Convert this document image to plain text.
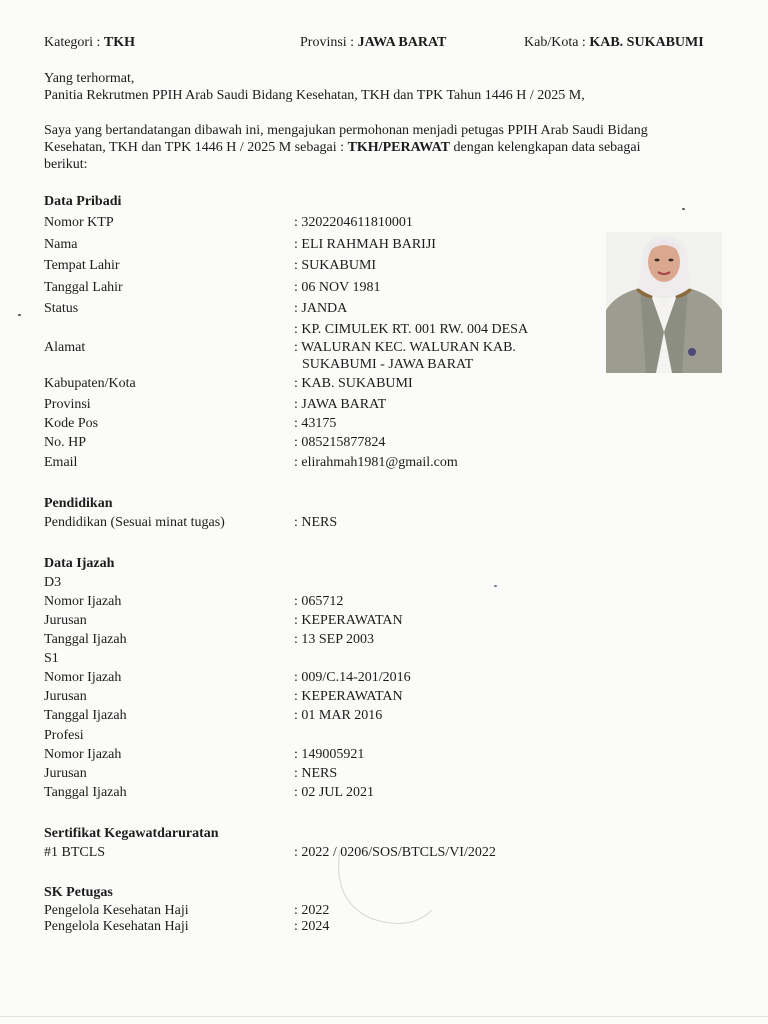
Kategori : TKH	Provinsi : JAWA BARAT	Kab/Kota : KAB. SUKABUMI
Yang terhormat,
Panitia Rekrutmen PPIH Arab Saudi Bidang Kesehatan, TKH dan TPK Tahun 1446 H / 2025 M,
Saya yang bertandatangan dibawah ini, mengajukan permohonan menjadi petugas PPIH Arab Saudi Bidang
Kesehatan, TKH dan TPK 1446 H / 2025 M sebagai : TKH/PERAWAT dengan kelengkapan data sebagai
berikut:
Data Pribadi
Nomor KTP	: 3202204611810001
Nama	: ELI RAHMAH BARIJI
Tempat Lahir	: SUKABUMI
Tanggal Lahir	: 06 NOV 1981
Status	: JANDA
Alamat
: KP. CIMULEK RT. 001 RW. 004 DESA
: WALURAN KEC. WALURAN KAB.
SUKABUMI - JAWA BARAT
Kabupaten/Kota	: KAB. SUKABUMI
Provinsi	: JAWA BARAT
Kode Pos	: 43175
No. HP	: 085215877824
Email	: elirahmah1981@gmail.com
Pendidikan
Pendidikan (Sesuai minat tugas)	: NERS
Data Ijazah
D3
Nomor Ijazah	: 065712
Jurusan	: KEPERAWATAN
Tanggal Ijazah	: 13 SEP 2003
S1
Nomor Ijazah	: 009/C.14-201/2016
Jurusan	: KEPERAWATAN
Tanggal Ijazah	: 01 MAR 2016
Profesi
Nomor Ijazah	: 149005921
Jurusan	: NERS
Tanggal Ijazah	: 02 JUL 2021
Sertifikat Kegawatdaruratan
#1 BTCLS	: 2022 / 0206/SOS/BTCLS/VI/2022
SK Petugas
Pengelola Kesehatan Haji	: 2022
Pengelola Kesehatan Haji	: 2024
